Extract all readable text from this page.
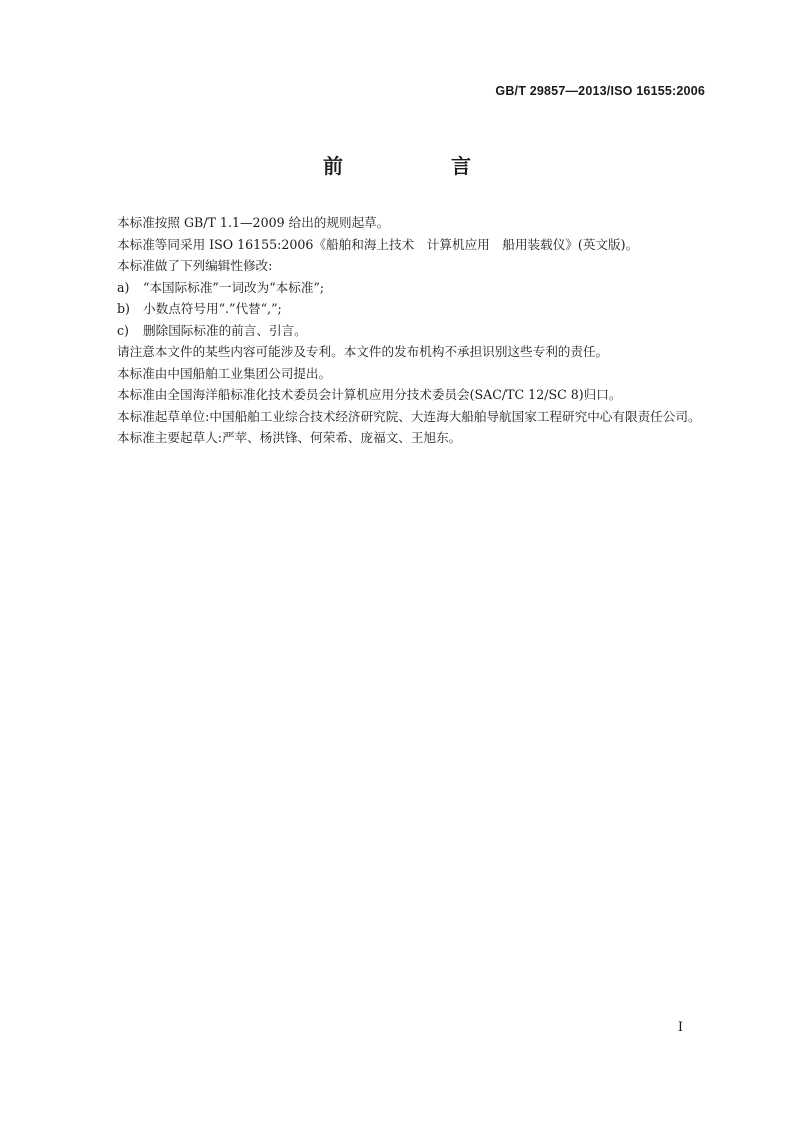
GB/T 29857—2013/ISO 16155:2006
前　言

本标准按照 GB/T 1.1—2009 给出的规则起草。

本标准等同采用 ISO 16155:2006《船舶和海上技术　计算机应用　船用装载仪》(英文版)。

本标准做了下列编辑性修改:

a) “本国际标准”一词改为“本标准”;

b) 小数点符号用“.”代替“,”;

c) 删除国际标准的前言、引言。

请注意本文件的某些内容可能涉及专利。本文件的发布机构不承担识别这些专利的责任。

本标准由中国船舶工业集团公司提出。

本标准由全国海洋船标准化技术委员会计算机应用分技术委员会(SAC/TC 12/SC 8)归口。

本标准起草单位:中国船舶工业综合技术经济研究院、大连海大船舶导航国家工程研究中心有限责任公司。

本标准主要起草人:严苹、杨洪锋、何荣希、庞福文、王旭东。

I
